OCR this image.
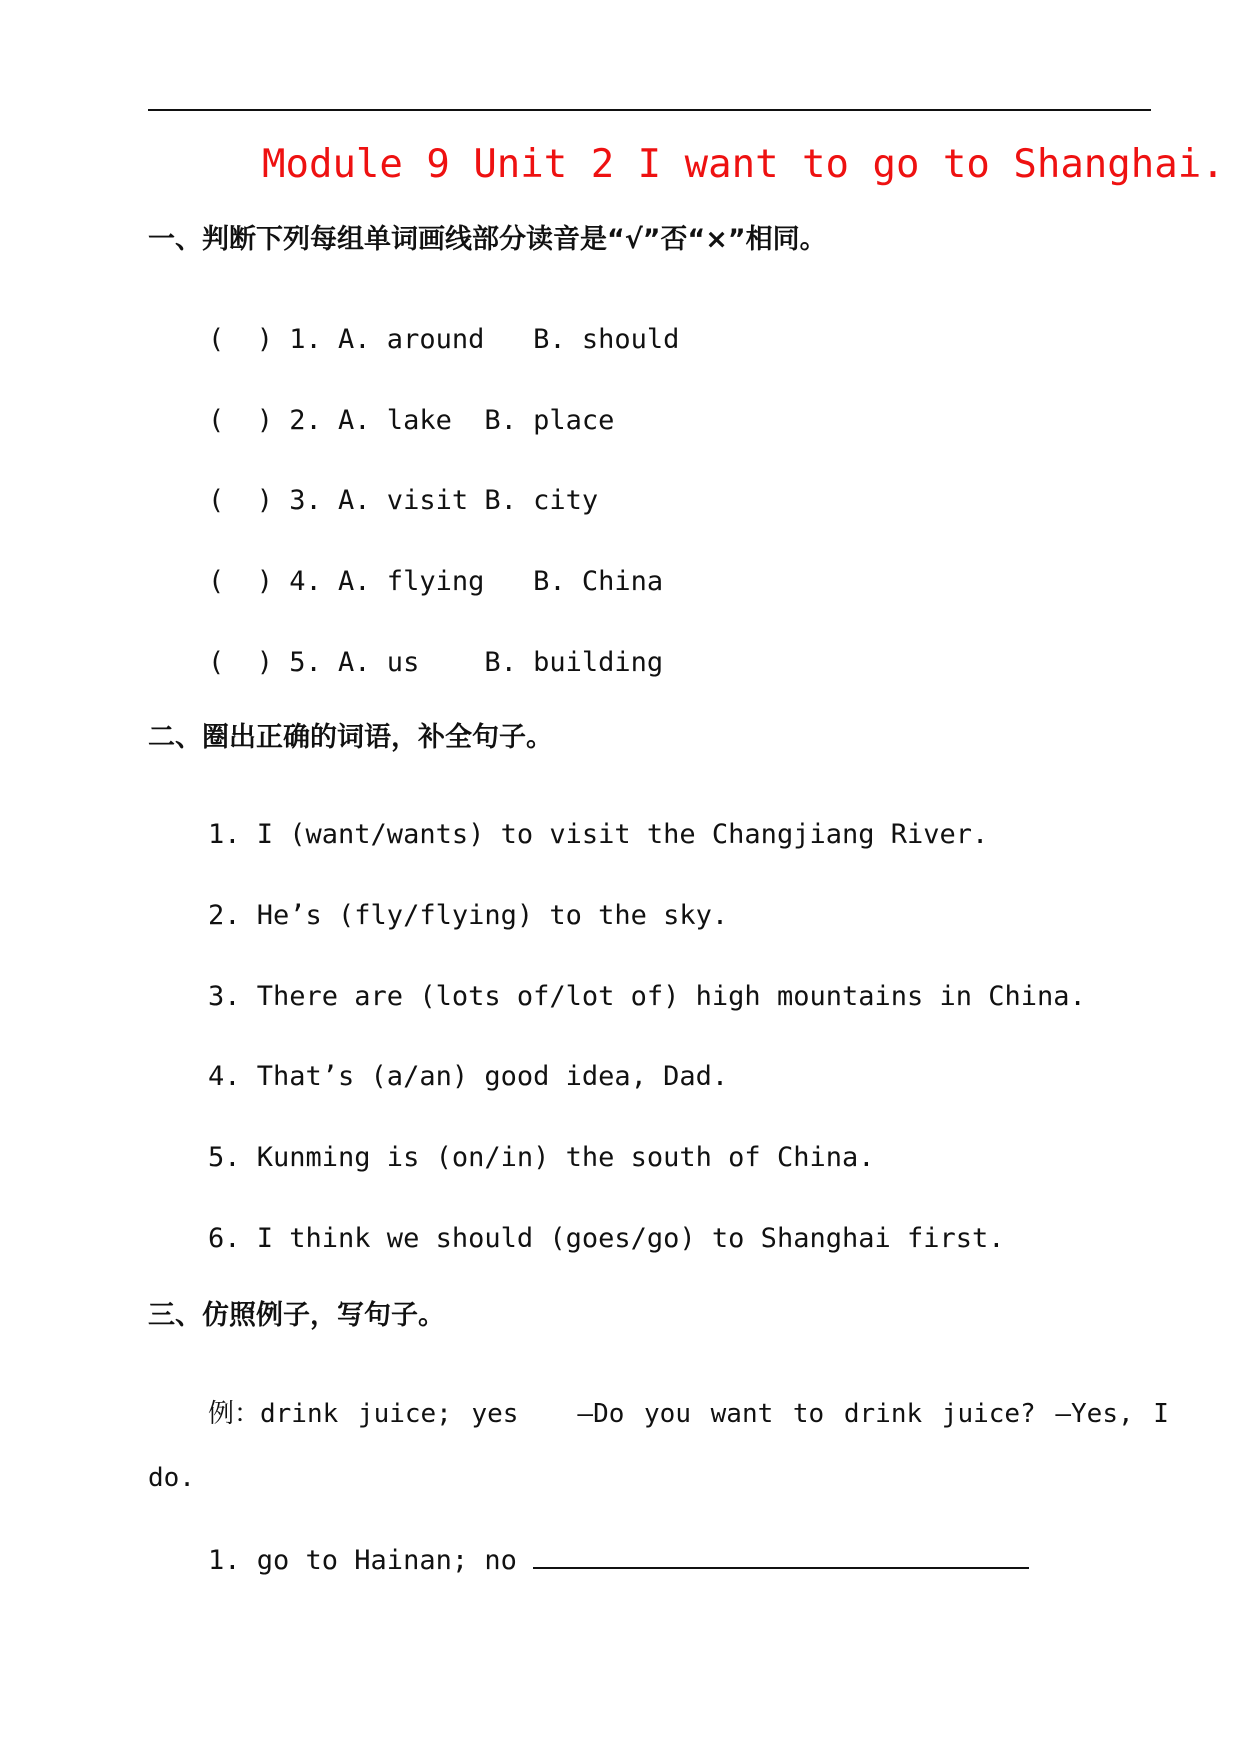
Module 9 Unit 2 I want to go to Shanghai.
一、判断下列每组单词画线部分读音是“√”否“×”相同。
(  ) 1. A. around   B. should
(  ) 2. A. lake  B. place
(  ) 3. A. visit B. city
(  ) 4. A. flying   B. China
(  ) 5. A. us    B. building
二、圈出正确的词语，补全句子。
1. I (want/wants) to visit the Changjiang River.
2. He’s (fly/flying) to the sky.
3. There are (lots of/lot of) high mountains in China.
4. That’s (a/an) good idea, Dad.
5. Kunming is (on/in) the south of China.
6. I think we should (goes/go) to Shanghai first.
三、仿照例子，写句子。
例：drink juice; yes   —Do you want to drink juice? —Yes, I
do.
1. go to Hainan; no
